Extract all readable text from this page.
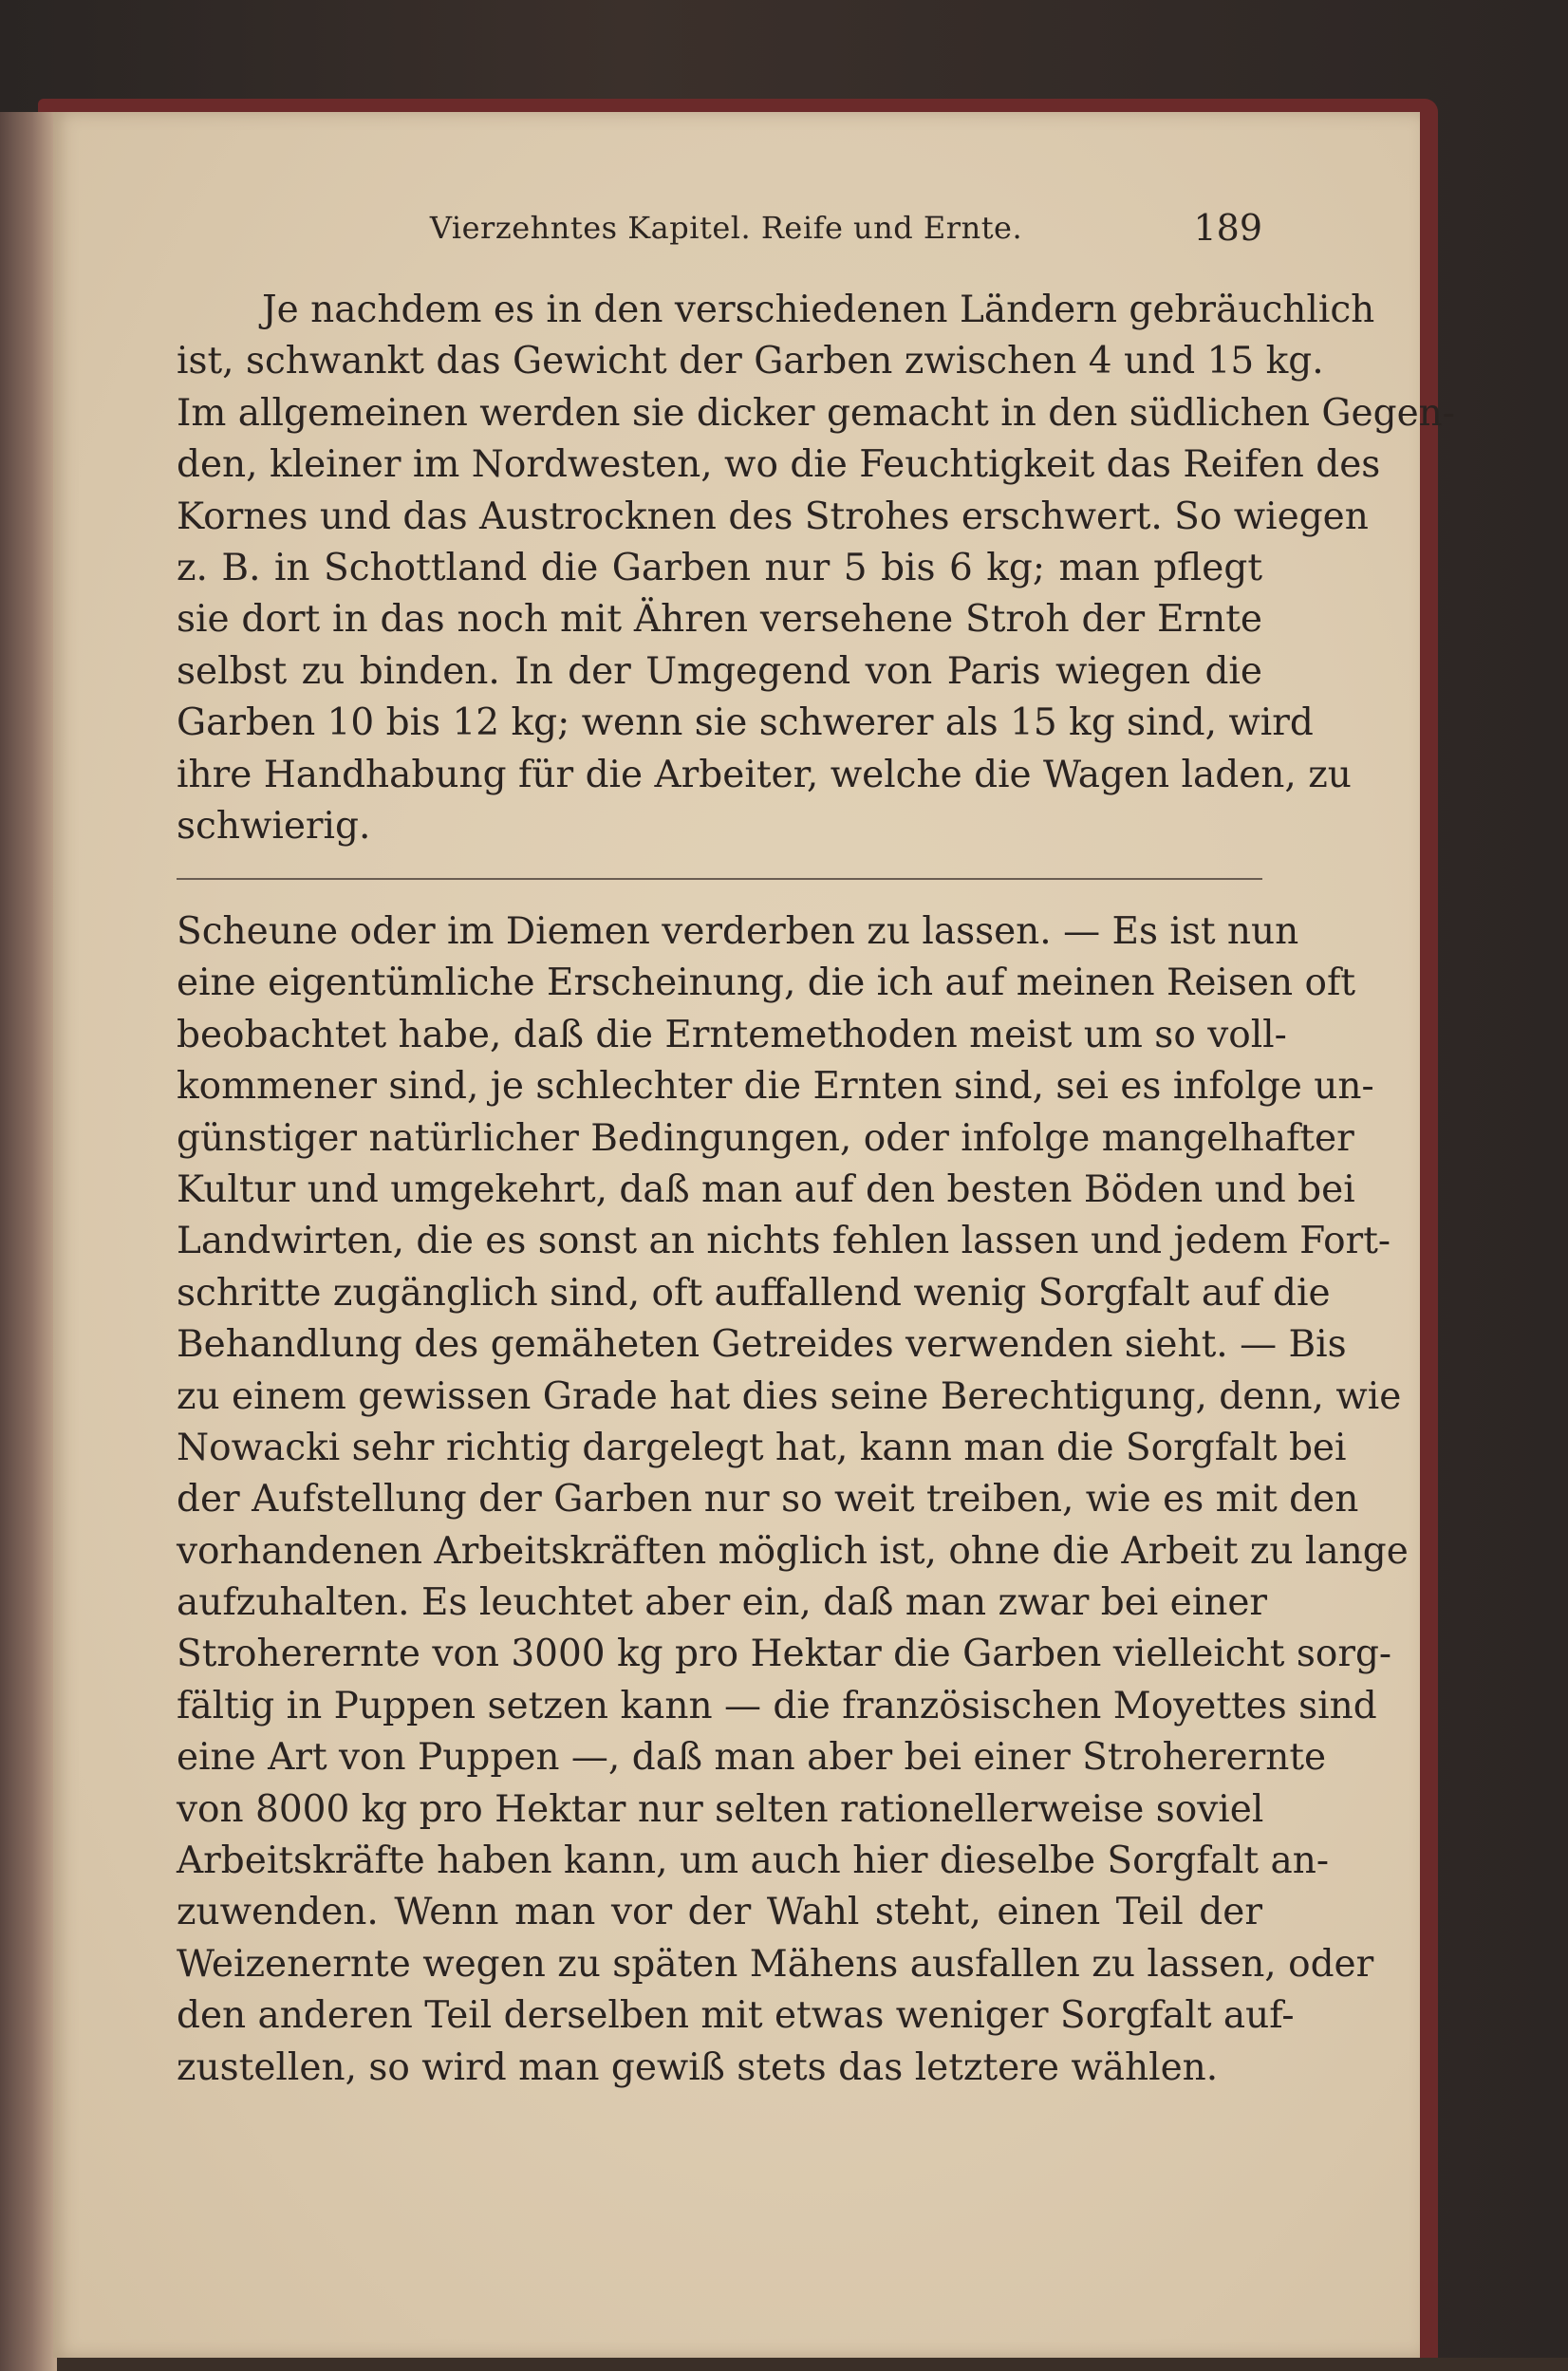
Vierzehntes Kapitel. Reife und Ernte.	189
Je nachdem es in den verschiedenen Ländern gebräuchlich
ist, schwankt das Gewicht der Garben zwischen 4 und 15 kg.
Im allgemeinen werden sie dicker gemacht in den südlichen Gegen-
den, kleiner im Nordwesten, wo die Feuchtigkeit das Reifen des
Kornes und das Austrocknen des Strohes erschwert. So wiegen
z. B. in Schottland die Garben nur 5 bis 6 kg; man pflegt
sie dort in das noch mit Ähren versehene Stroh der Ernte
selbst zu binden. In der Umgegend von Paris wiegen die
Garben 10 bis 12 kg; wenn sie schwerer als 15 kg sind, wird
ihre Handhabung für die Arbeiter, welche die Wagen laden, zu
schwierig.
Scheune oder im Diemen verderben zu lassen. — Es ist nun
eine eigentümliche Erscheinung, die ich auf meinen Reisen oft
beobachtet habe, daß die Erntemethoden meist um so voll-
kommener sind, je schlechter die Ernten sind, sei es infolge un-
günstiger natürlicher Bedingungen, oder infolge mangelhafter
Kultur und umgekehrt, daß man auf den besten Böden und bei
Landwirten, die es sonst an nichts fehlen lassen und jedem Fort-
schritte zugänglich sind, oft auffallend wenig Sorgfalt auf die
Behandlung des gemäheten Getreides verwenden sieht. — Bis
zu einem gewissen Grade hat dies seine Berechtigung, denn, wie
Nowacki sehr richtig dargelegt hat, kann man die Sorgfalt bei
der Aufstellung der Garben nur so weit treiben, wie es mit den
vorhandenen Arbeitskräften möglich ist, ohne die Arbeit zu lange
aufzuhalten. Es leuchtet aber ein, daß man zwar bei einer
Stroherernte von 3000 kg pro Hektar die Garben vielleicht sorg-
fältig in Puppen setzen kann — die französischen Moyettes sind
eine Art von Puppen —, daß man aber bei einer Stroherernte
von 8000 kg pro Hektar nur selten rationellerweise soviel
Arbeitskräfte haben kann, um auch hier dieselbe Sorgfalt an-
zuwenden. Wenn man vor der Wahl steht, einen Teil der
Weizenernte wegen zu späten Mähens ausfallen zu lassen, oder
den anderen Teil derselben mit etwas weniger Sorgfalt auf-
zustellen, so wird man gewiß stets das letztere wählen.
